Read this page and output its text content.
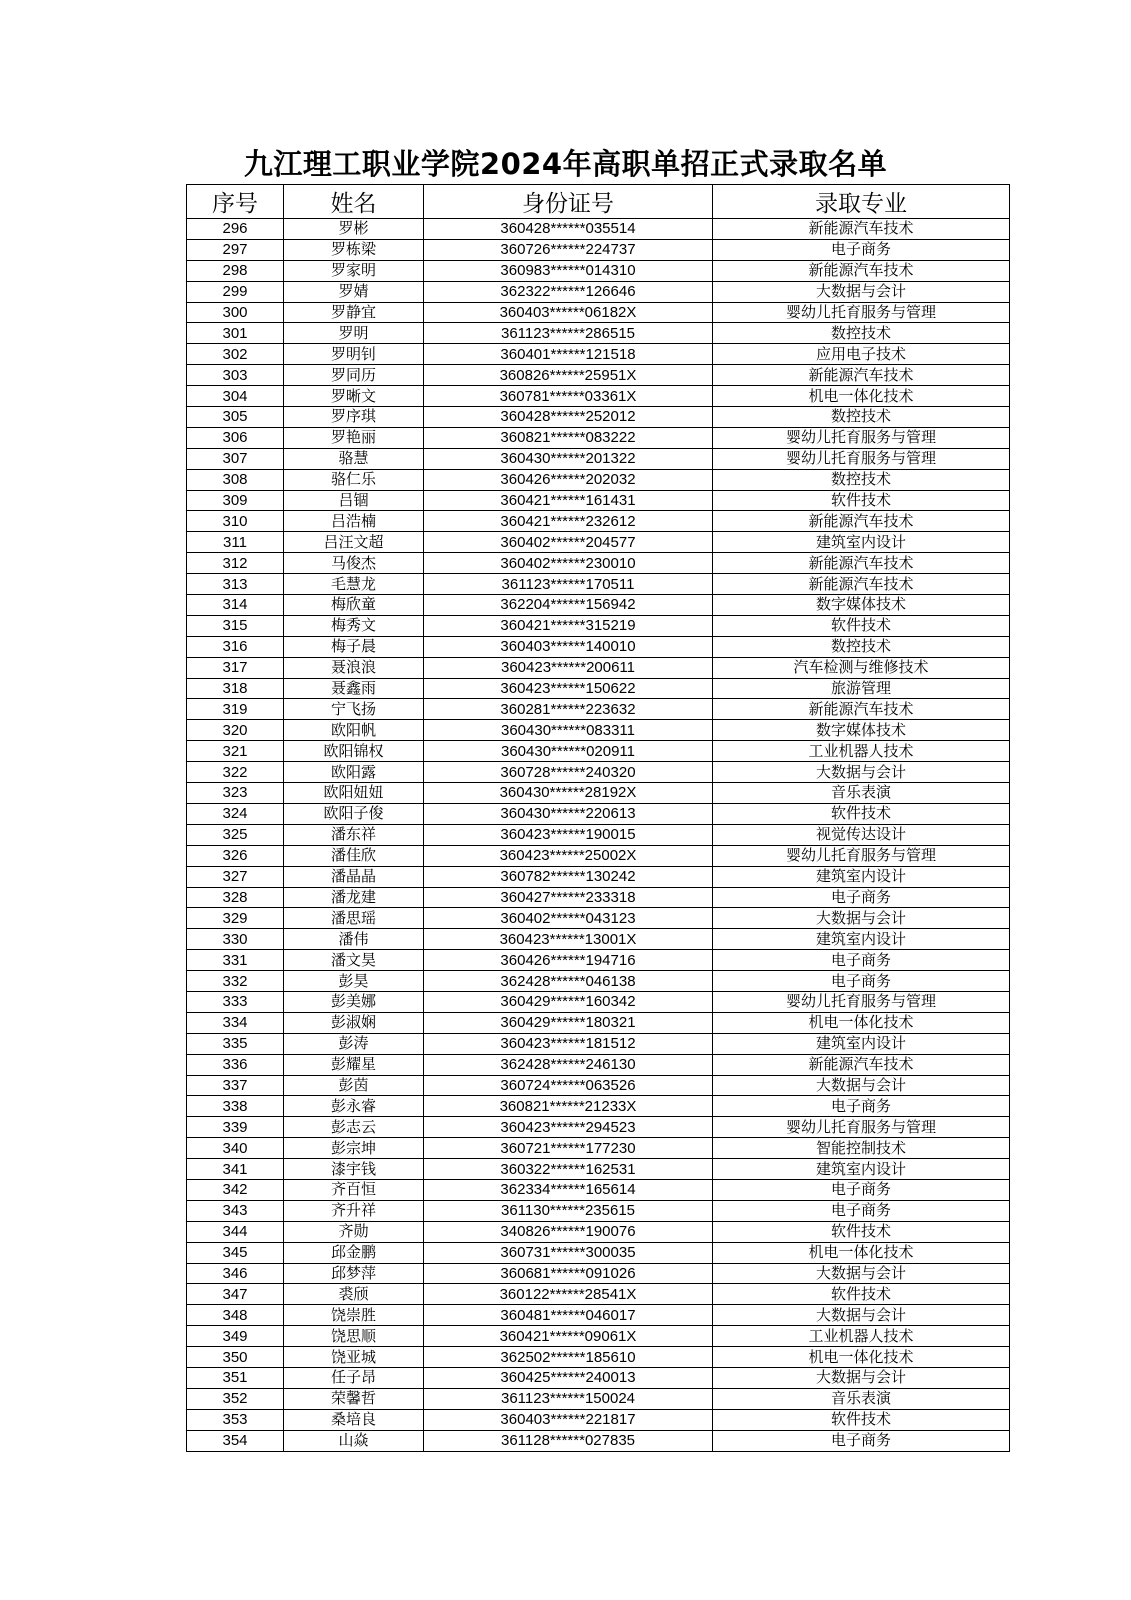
九江理工职业学院2024年高职单招正式录取名单
序号	姓名	身份证号	录取专业
296	罗彬	360428******035514	新能源汽车技术
297	罗栋梁	360726******224737	电子商务
298	罗家明	360983******014310	新能源汽车技术
299	罗婧	362322******126646	大数据与会计
300	罗静宜	360403******06182X	婴幼儿托育服务与管理
301	罗明	361123******286515	数控技术
302	罗明钊	360401******121518	应用电子技术
303	罗同历	360826******25951X	新能源汽车技术
304	罗晰文	360781******03361X	机电一体化技术
305	罗序琪	360428******252012	数控技术
306	罗艳丽	360821******083222	婴幼儿托育服务与管理
307	骆慧	360430******201322	婴幼儿托育服务与管理
308	骆仁乐	360426******202032	数控技术
309	吕锢	360421******161431	软件技术
310	吕浩楠	360421******232612	新能源汽车技术
311	吕汪文超	360402******204577	建筑室内设计
312	马俊杰	360402******230010	新能源汽车技术
313	毛慧龙	361123******170511	新能源汽车技术
314	梅欣童	362204******156942	数字媒体技术
315	梅秀文	360421******315219	软件技术
316	梅子晨	360403******140010	数控技术
317	聂浪浪	360423******200611	汽车检测与维修技术
318	聂鑫雨	360423******150622	旅游管理
319	宁飞扬	360281******223632	新能源汽车技术
320	欧阳帆	360430******083311	数字媒体技术
321	欧阳锦权	360430******020911	工业机器人技术
322	欧阳露	360728******240320	大数据与会计
323	欧阳妞妞	360430******28192X	音乐表演
324	欧阳子俊	360430******220613	软件技术
325	潘东祥	360423******190015	视觉传达设计
326	潘佳欣	360423******25002X	婴幼儿托育服务与管理
327	潘晶晶	360782******130242	建筑室内设计
328	潘龙建	360427******233318	电子商务
329	潘思瑶	360402******043123	大数据与会计
330	潘伟	360423******13001X	建筑室内设计
331	潘文昊	360426******194716	电子商务
332	彭昊	362428******046138	电子商务
333	彭美娜	360429******160342	婴幼儿托育服务与管理
334	彭淑娴	360429******180321	机电一体化技术
335	彭涛	360423******181512	建筑室内设计
336	彭耀星	362428******246130	新能源汽车技术
337	彭茵	360724******063526	大数据与会计
338	彭永睿	360821******21233X	电子商务
339	彭志云	360423******294523	婴幼儿托育服务与管理
340	彭宗坤	360721******177230	智能控制技术
341	漆宇钱	360322******162531	建筑室内设计
342	齐百恒	362334******165614	电子商务
343	齐升祥	361130******235615	电子商务
344	齐勋	340826******190076	软件技术
345	邱金鹏	360731******300035	机电一体化技术
346	邱梦萍	360681******091026	大数据与会计
347	裘颀	360122******28541X	软件技术
348	饶崇胜	360481******046017	大数据与会计
349	饶思顺	360421******09061X	工业机器人技术
350	饶亚城	362502******185610	机电一体化技术
351	任子昂	360425******240013	大数据与会计
352	荣馨哲	361123******150024	音乐表演
353	桑培良	360403******221817	软件技术
354	山焱	361128******027835	电子商务
